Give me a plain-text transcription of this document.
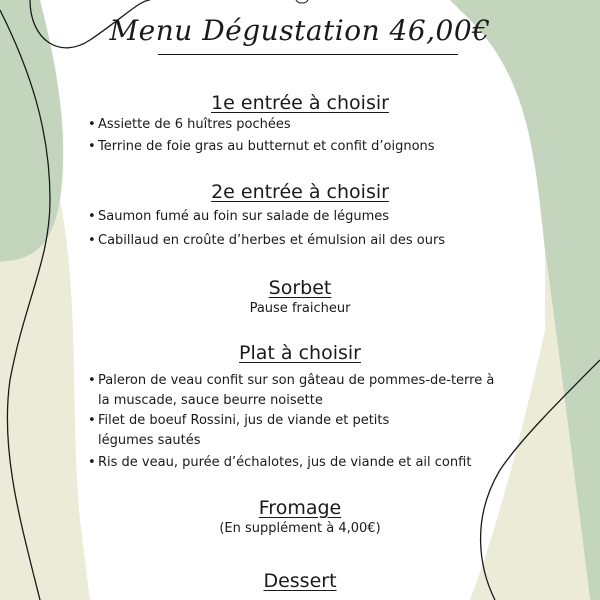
Menu Dégustation 46,00€
1e entrée à choisir
• Assiette de 6 huîtres pochées
• Terrine de foie gras au butternut et confit d’oignons
2e entrée à choisir
• Saumon fumé au foin sur salade de légumes
• Cabillaud en croûte d’herbes et émulsion ail des ours
Sorbet
Pause fraicheur
Plat à choisir
• Paleron de veau confit sur son gâteau de pommes-de-terre à la muscade, sauce beurre noisette
• Filet de boeuf Rossini, jus de viande et petits légumes sautés
• Ris de veau, purée d’échalotes, jus de viande et ail confit
Fromage
(En supplément à 4,00€)
Dessert
